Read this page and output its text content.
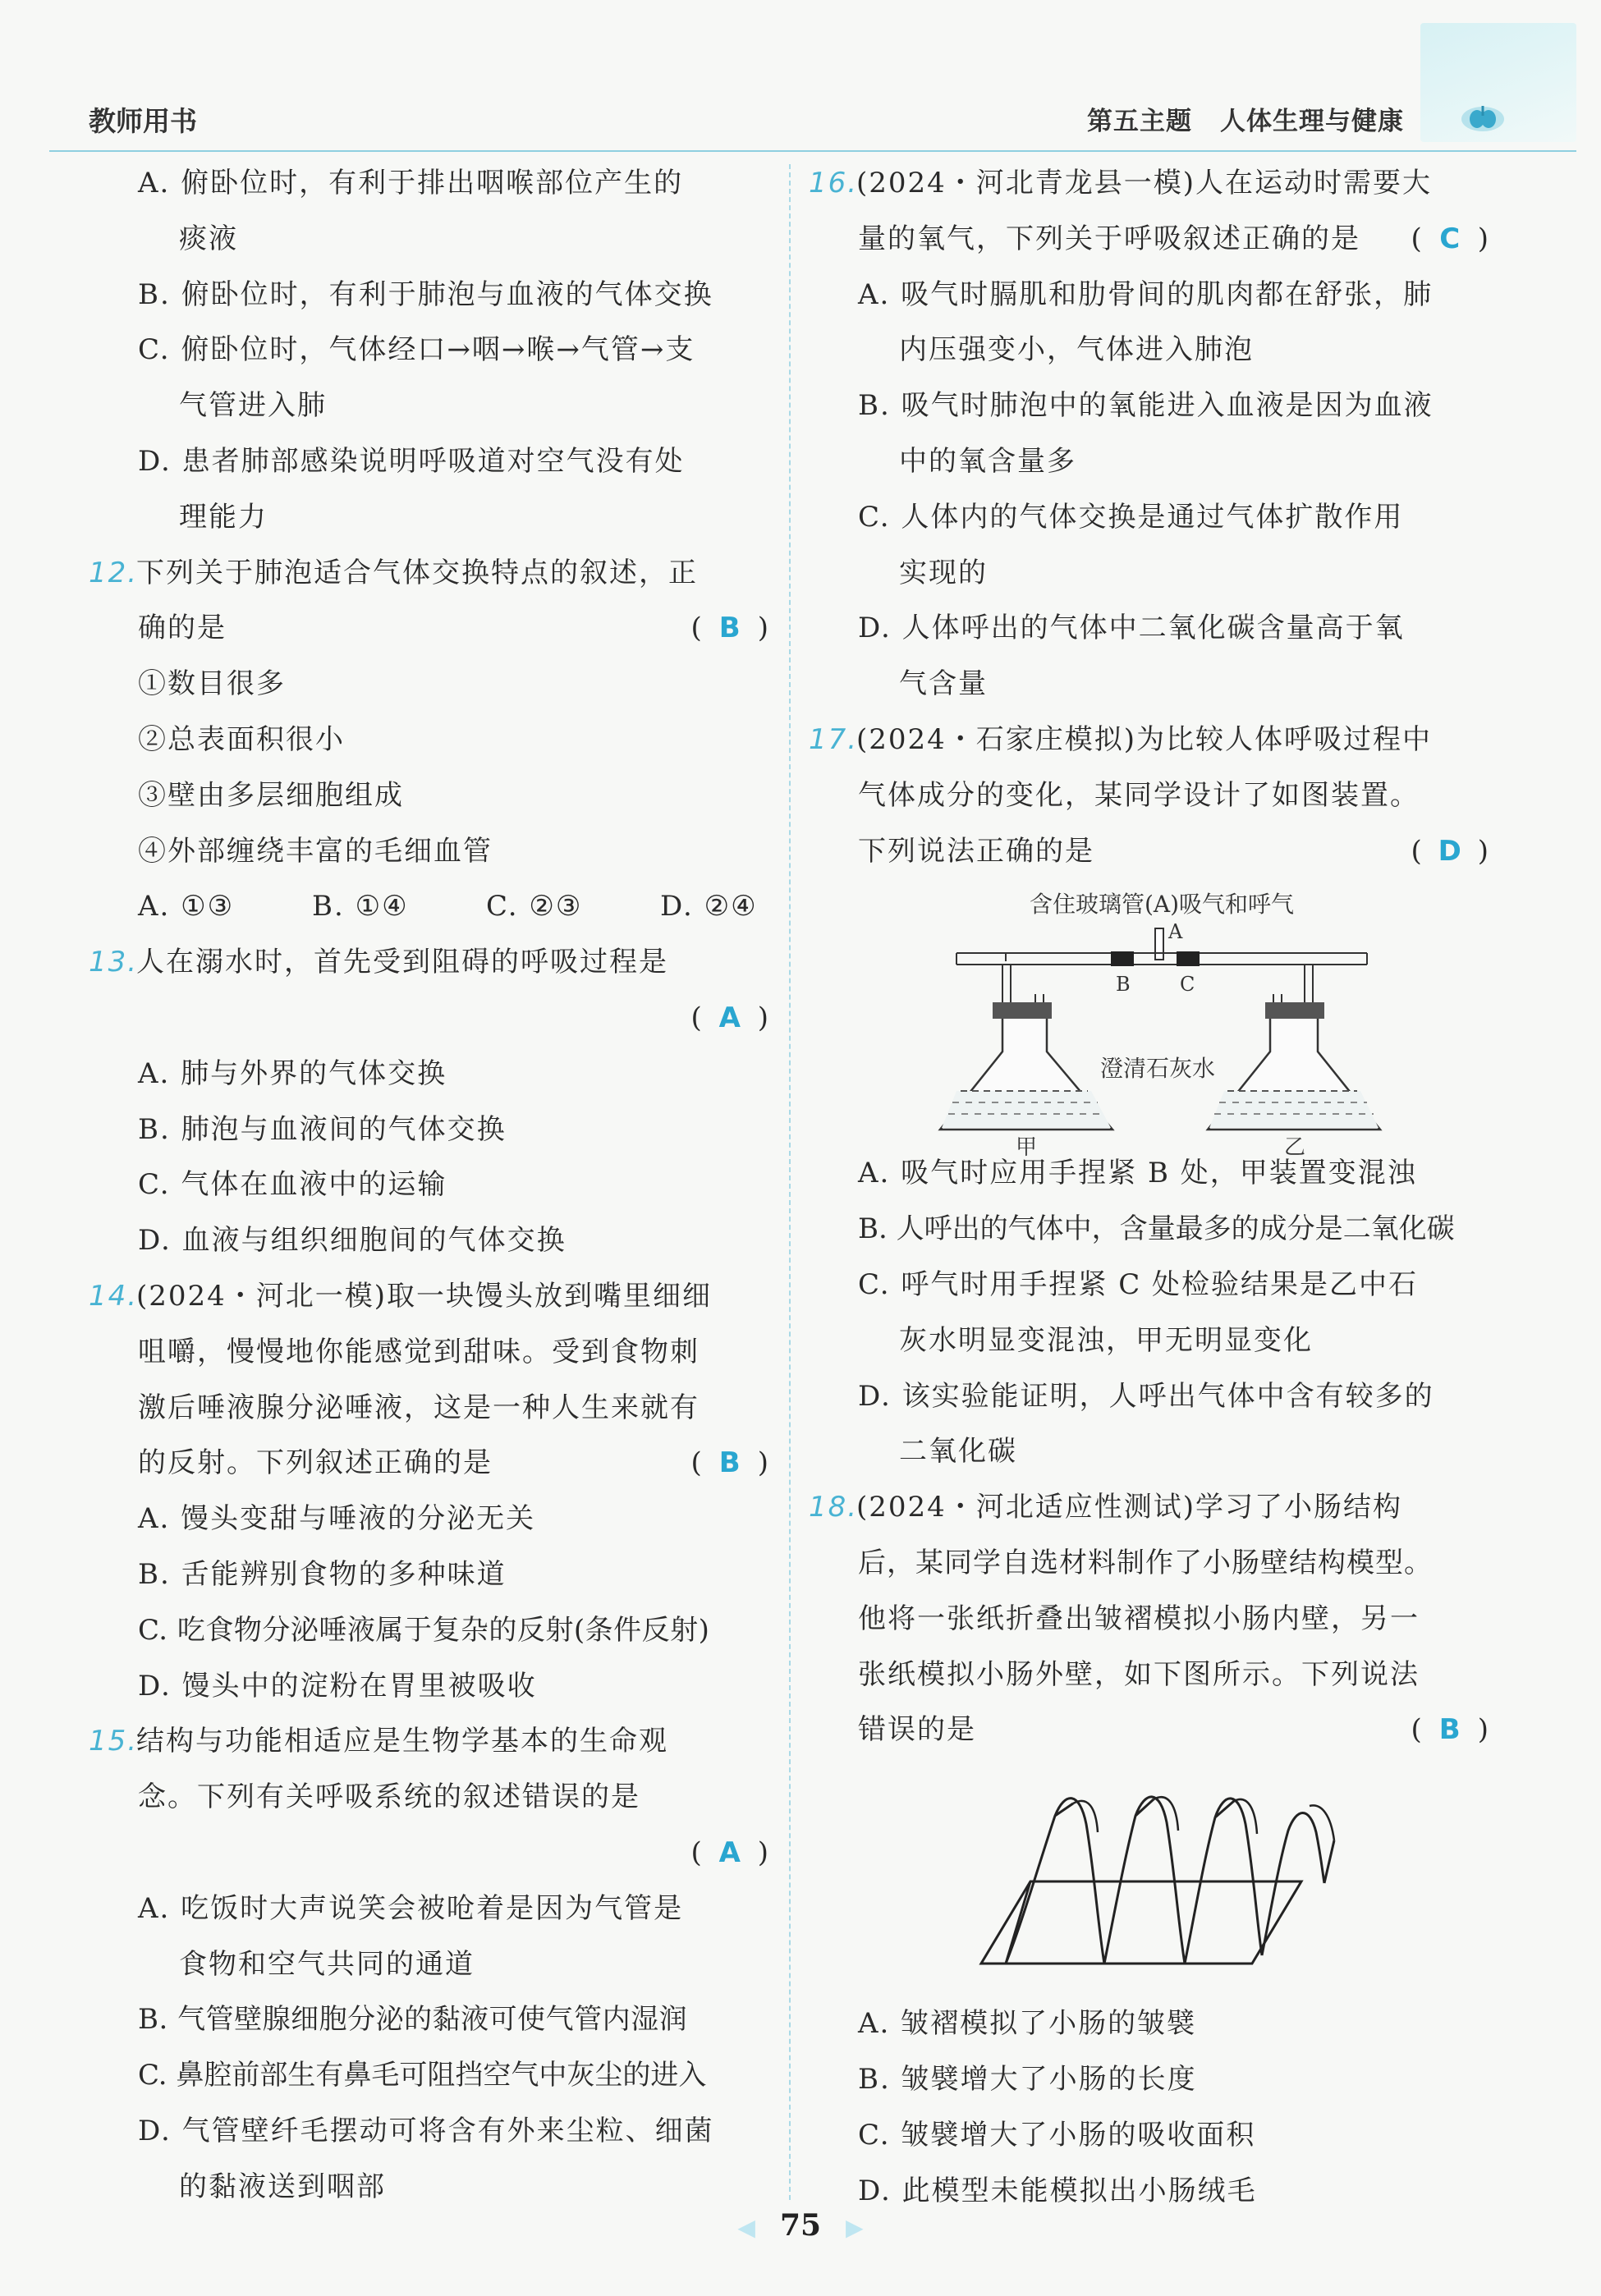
教师用书	第五主题 人体生理与健康
A. 俯卧位时，有利于排出咽喉部位产生的
痰液
B. 俯卧位时，有利于肺泡与血液的气体交换
C. 俯卧位时，气体经口→咽→喉→气管→支
气管进入肺
D. 患者肺部感染说明呼吸道对空气没有处
理能力
12.下列关于肺泡适合气体交换特点的叙述，正
确的是	( B )
①数目很多
②总表面积很小
③壁由多层细胞组成
④外部缠绕丰富的毛细血管
A. ①③	B. ①④	C. ②③	D. ②④
13.人在溺水时，首先受到阻碍的呼吸过程是
( A )
A. 肺与外界的气体交换
B. 肺泡与血液间的气体交换
C. 气体在血液中的运输
D. 血液与组织细胞间的气体交换
14.(2024・河北一模)取一块馒头放到嘴里细细
咀嚼，慢慢地你能感觉到甜味。受到食物刺
激后唾液腺分泌唾液，这是一种人生来就有
的反射。下列叙述正确的是	( B )
A. 馒头变甜与唾液的分泌无关
B. 舌能辨别食物的多种味道
C. 吃食物分泌唾液属于复杂的反射(条件反射)
D. 馒头中的淀粉在胃里被吸收
15.结构与功能相适应是生物学基本的生命观
念。下列有关呼吸系统的叙述错误的是
( A )
A. 吃饭时大声说笑会被呛着是因为气管是
食物和空气共同的通道
B. 气管壁腺细胞分泌的黏液可使气管内湿润
C. 鼻腔前部生有鼻毛可阻挡空气中灰尘的进入
D. 气管壁纤毛摆动可将含有外来尘粒、细菌
的黏液送到咽部
16.(2024・河北青龙县一模)人在运动时需要大
量的氧气，下列关于呼吸叙述正确的是 ( C )
A. 吸气时膈肌和肋骨间的肌肉都在舒张，肺
内压强变小，气体进入肺泡
B. 吸气时肺泡中的氧能进入血液是因为血液
中的氧含量多
C. 人体内的气体交换是通过气体扩散作用
实现的
D. 人体呼出的气体中二氧化碳含量高于氧
气含量
17.(2024・石家庄模拟)为比较人体呼吸过程中
气体成分的变化，某同学设计了如图装置。
下列说法正确的是	( D )
含住玻璃管(A)吸气和呼气
A
B	C
甲	乙
澄清石灰水
A. 吸气时应用手捏紧 B 处，甲装置变混浊
B. 人呼出的气体中，含量最多的成分是二氧化碳
C. 呼气时用手捏紧 C 处检验结果是乙中石
灰水明显变混浊，甲无明显变化
D. 该实验能证明，人呼出气体中含有较多的
二氧化碳
18.(2024・河北适应性测试)学习了小肠结构
后，某同学自选材料制作了小肠壁结构模型。
他将一张纸折叠出皱褶模拟小肠内壁，另一
张纸模拟小肠外壁，如下图所示。下列说法
错误的是	( B )
A. 皱褶模拟了小肠的皱襞
B. 皱襞增大了小肠的长度
C. 皱襞增大了小肠的吸收面积
D. 此模型未能模拟出小肠绒毛
◀ 75 ▶
